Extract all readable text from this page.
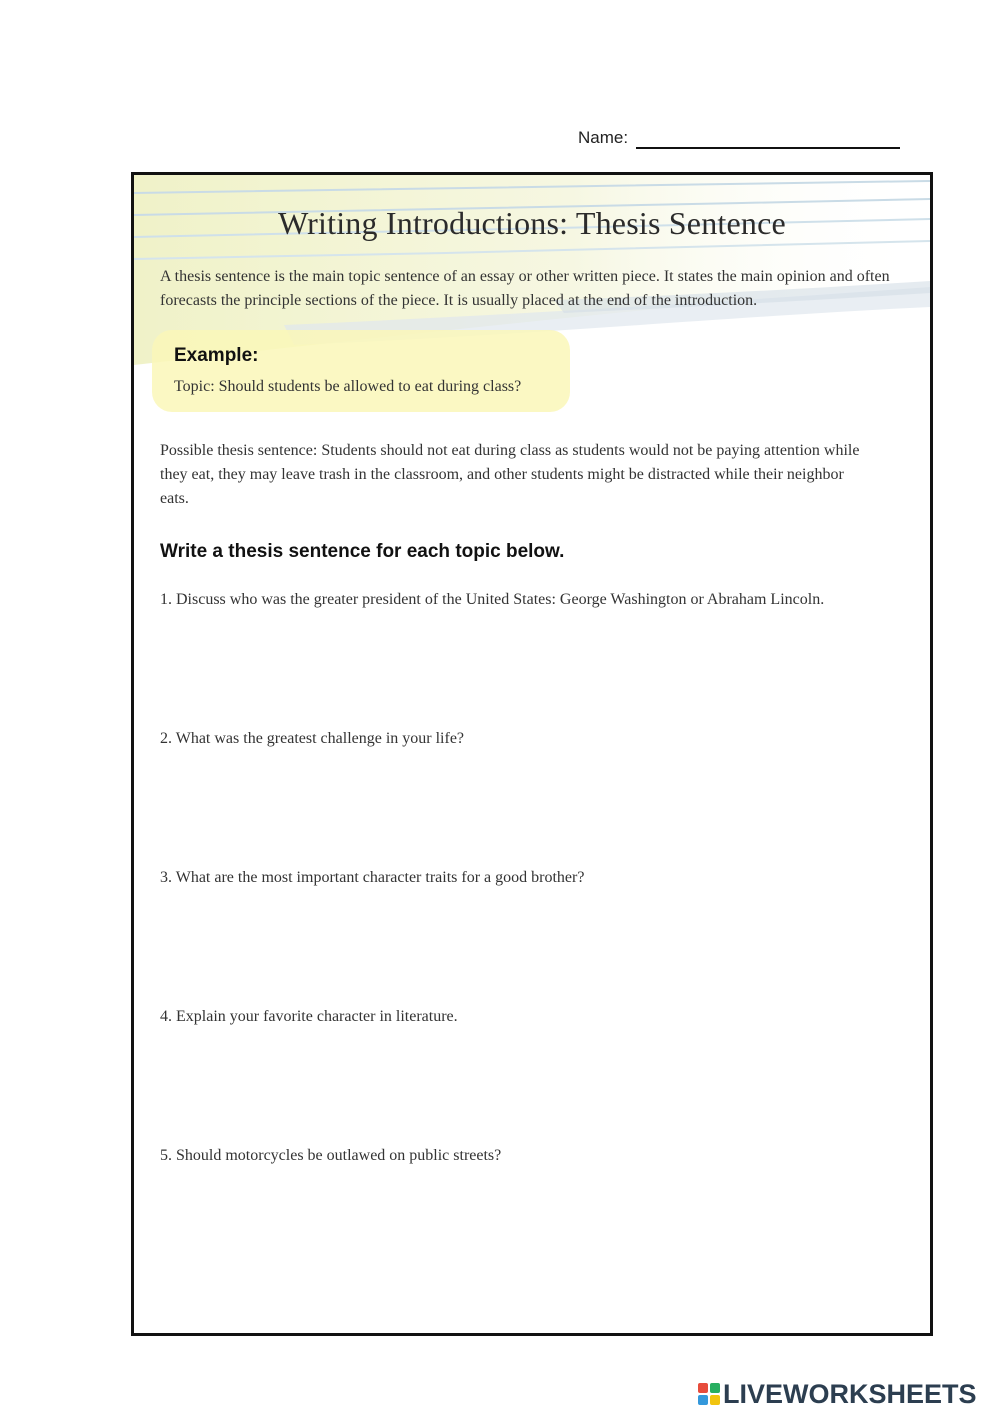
Name:
Writing Introductions: Thesis Sentence
A thesis sentence is the main topic sentence of an essay or other written piece. It states the main opinion and often forecasts the principle sections of the piece. It is usually placed at the end of the introduction.
Example:
Topic: Should students be allowed to eat during class?
Possible thesis sentence: Students should not eat during class as students would not be paying attention while they eat, they may leave trash in the classroom, and other students might be distracted while their neighbor eats.
Write a thesis sentence for each topic below.
1. Discuss who was the greater president of the United States: George Washington or Abraham Lincoln.
2. What was the greatest challenge in your life?
3. What are the most important character traits for a good brother?
4. Explain your favorite character in literature.
5. Should motorcycles be outlawed on public streets?
LIVEWORKSHEETS
